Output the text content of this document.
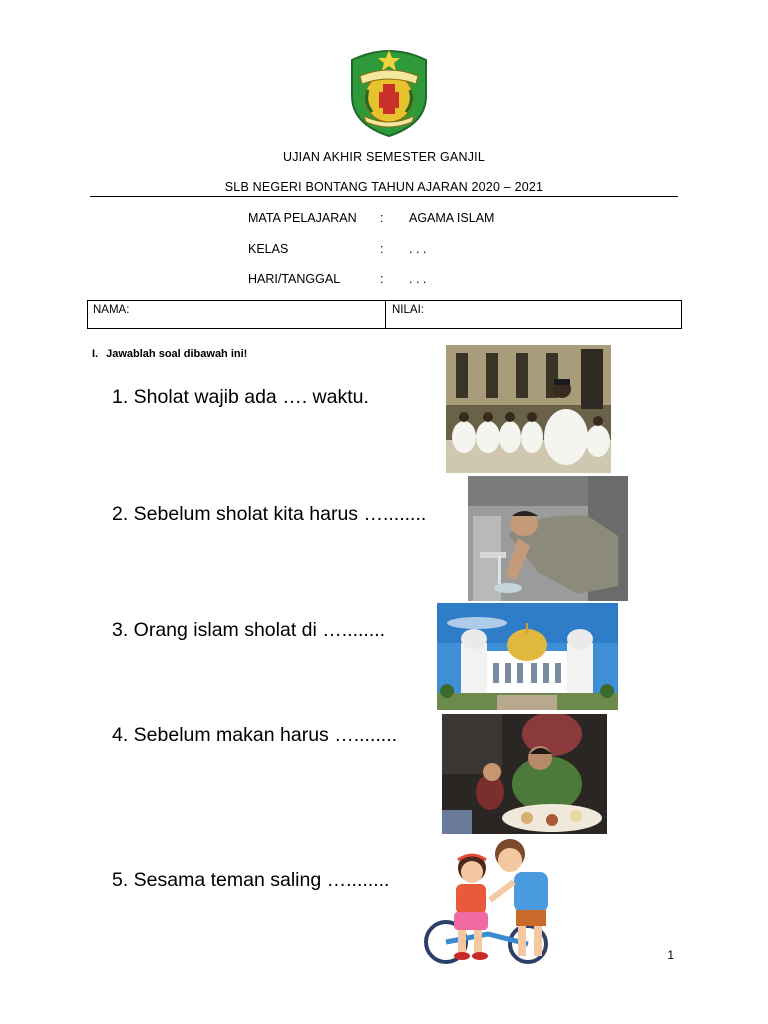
UJIAN AKHIR SEMESTER GANJIL
SLB NEGERI BONTANG TAHUN AJARAN 2020 – 2021
MATA PELAJARAN : AGAMA ISLAM
KELAS	: . . .
HARI/TANGGAL	: . . .
NAMA:	NILAI:
I. Jawablah soal dibawah ini!
1. Sholat wajib ada …. waktu.
2. Sebelum sholat kita harus …........
3. Orang islam sholat di …........
4. Sebelum makan harus …........
5. Sesama teman saling …........
1
